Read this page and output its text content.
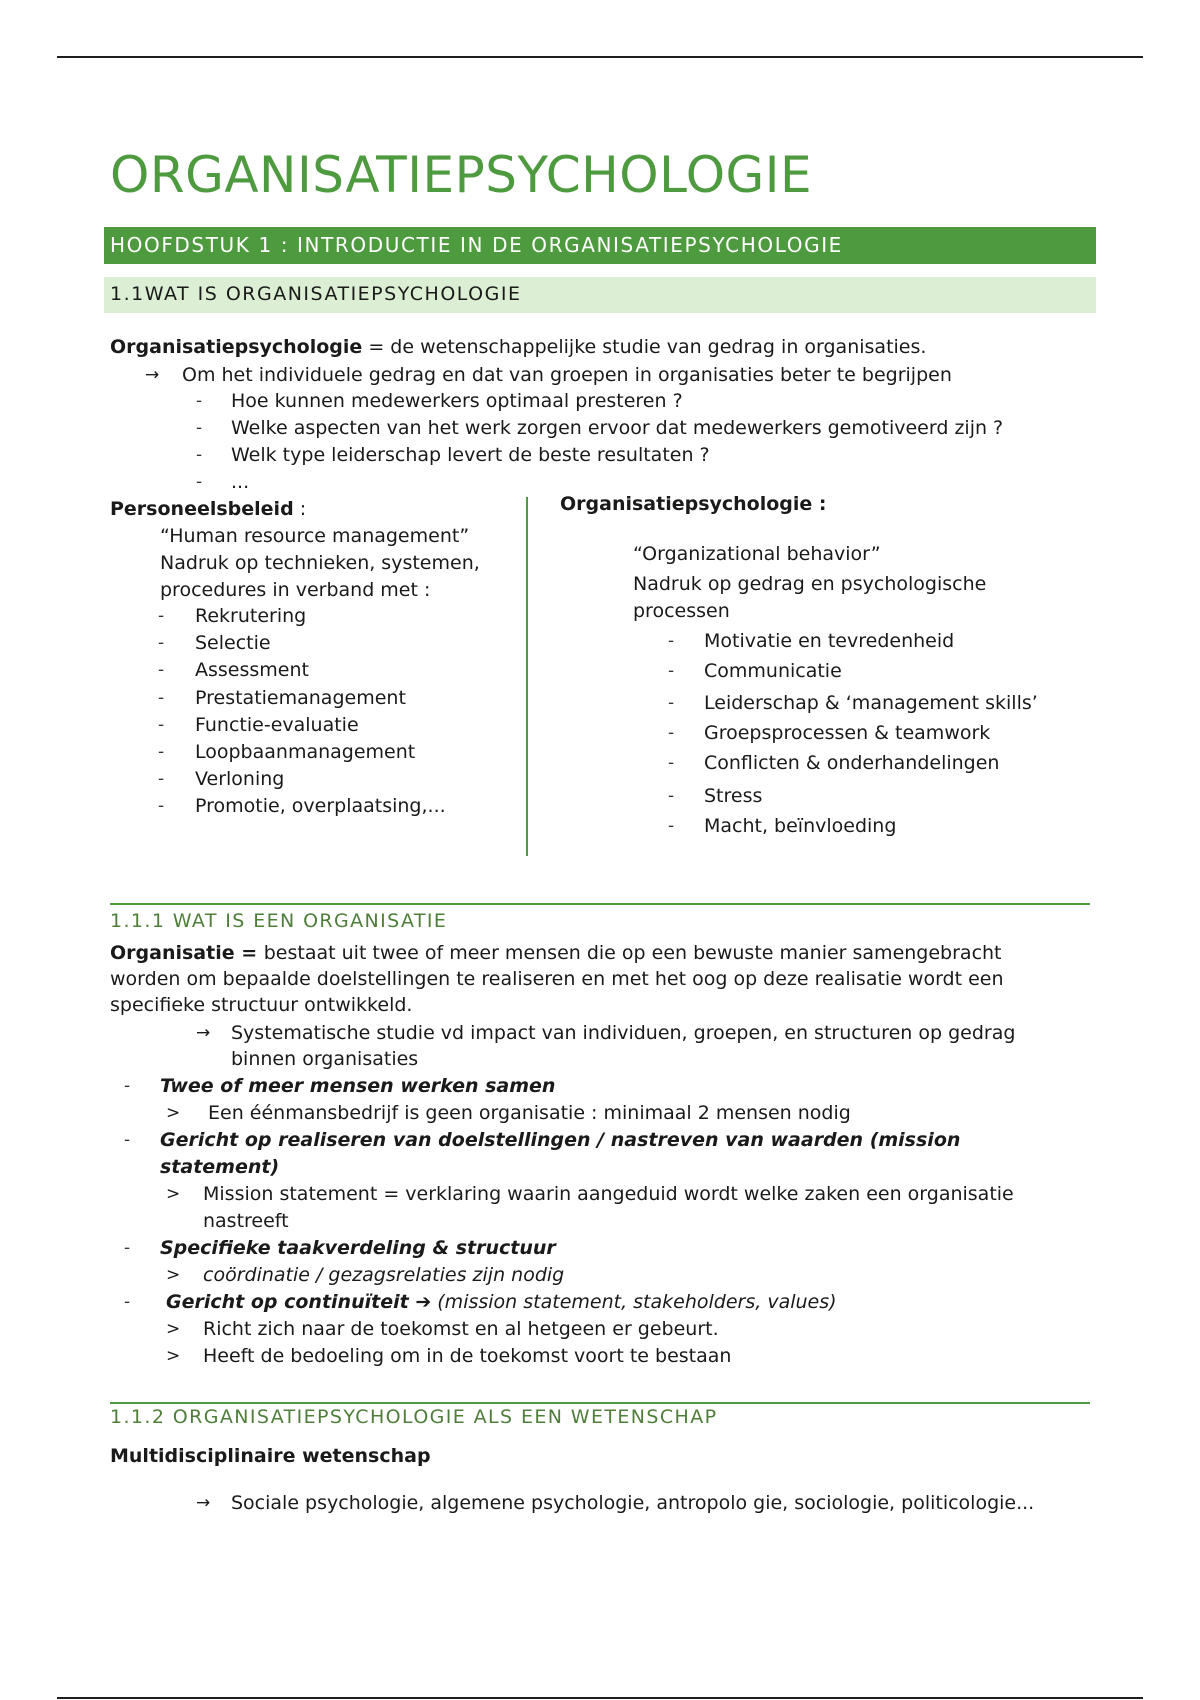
ORGANISATIEPSYCHOLOGIE
HOOFDSTUK 1 : INTRODUCTIE IN DE ORGANISATIEPSYCHOLOGIE
1.1WAT IS ORGANISATIEPSYCHOLOGIE
Organisatiepsychologie = de wetenschappelijke studie van gedrag in organisaties.
→ Om het individuele gedrag en dat van groepen in organisaties beter te begrijpen
- Hoe kunnen medewerkers optimaal presteren ?
- Welke aspecten van het werk zorgen ervoor dat medewerkers gemotiveerd zijn ?
- Welk type leiderschap levert de beste resultaten ?
- ...
Personeelsbeleid :
“Human resource management”
Nadruk op technieken, systemen,
procedures in verband met :
- Rekrutering
- Selectie
- Assessment
- Prestatiemanagement
- Functie-evaluatie
- Loopbaanmanagement
- Verloning
- Promotie, overplaatsing,...
Organisatiepsychologie :
“Organizational behavior”
Nadruk op gedrag en psychologische
processen
- Motivatie en tevredenheid
- Communicatie
- Leiderschap & ‘management skills’
- Groepsprocessen & teamwork
- Conflicten & onderhandelingen
- Stress
- Macht, beïnvloeding
1.1.1 WAT IS EEN ORGANISATIE
Organisatie = bestaat uit twee of meer mensen die op een bewuste manier samengebracht
worden om bepaalde doelstellingen te realiseren en met het oog op deze realisatie wordt een
specifieke structuur ontwikkeld.
→ Systematische studie vd impact van individuen, groepen, en structuren op gedrag
binnen organisaties
- Twee of meer mensen werken samen
> Een éénmansbedrijf is geen organisatie : minimaal 2 mensen nodig
- Gericht op realiseren van doelstellingen / nastreven van waarden (mission
statement)
> Mission statement = verklaring waarin aangeduid wordt welke zaken een organisatie
nastreeft
- Specifieke taakverdeling & structuur
> coördinatie / gezagsrelaties zijn nodig
- Gericht op continuïteit ➔ (mission statement, stakeholders, values)
> Richt zich naar de toekomst en al hetgeen er gebeurt.
> Heeft de bedoeling om in de toekomst voort te bestaan
1.1.2 ORGANISATIEPSYCHOLOGIE ALS EEN WETENSCHAP
Multidisciplinaire wetenschap
→ Sociale psychologie, algemene psychologie, antropolo gie, sociologie, politicologie...
